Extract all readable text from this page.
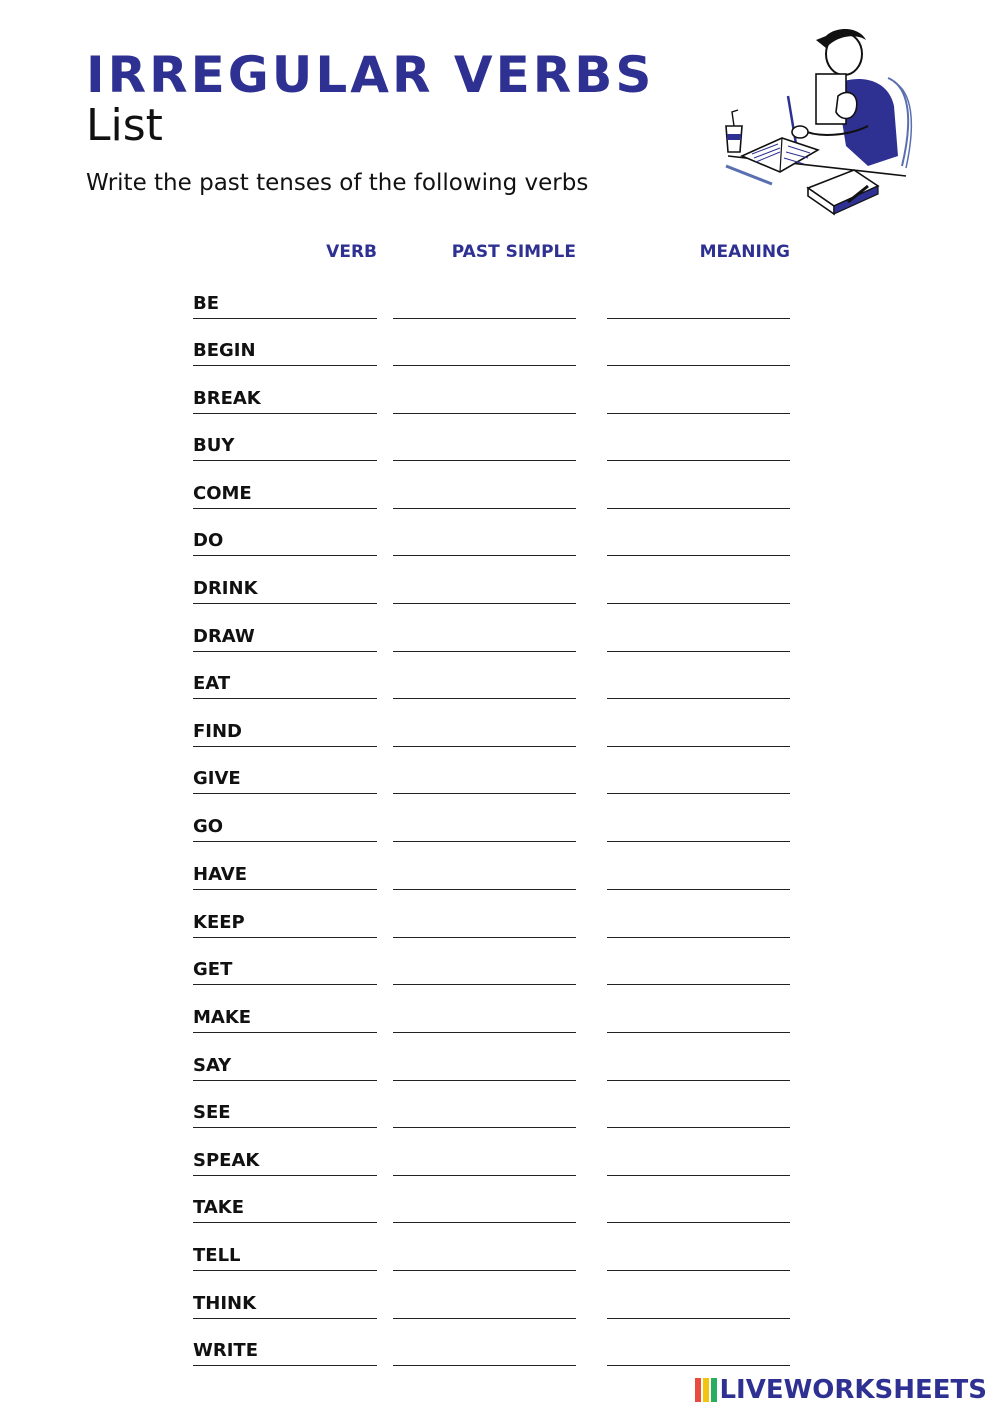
IRREGULAR VERBS
List
Write the past tenses of the following verbs
VERB	PAST SIMPLE	MEANING
BE
BEGIN
BREAK
BUY
COME
DO
DRINK
DRAW
EAT
FIND
GIVE
GO
HAVE
KEEP
GET
MAKE
SAY
SEE
SPEAK
TAKE
TELL
THINK
WRITE
LIVEWORKSHEETS
